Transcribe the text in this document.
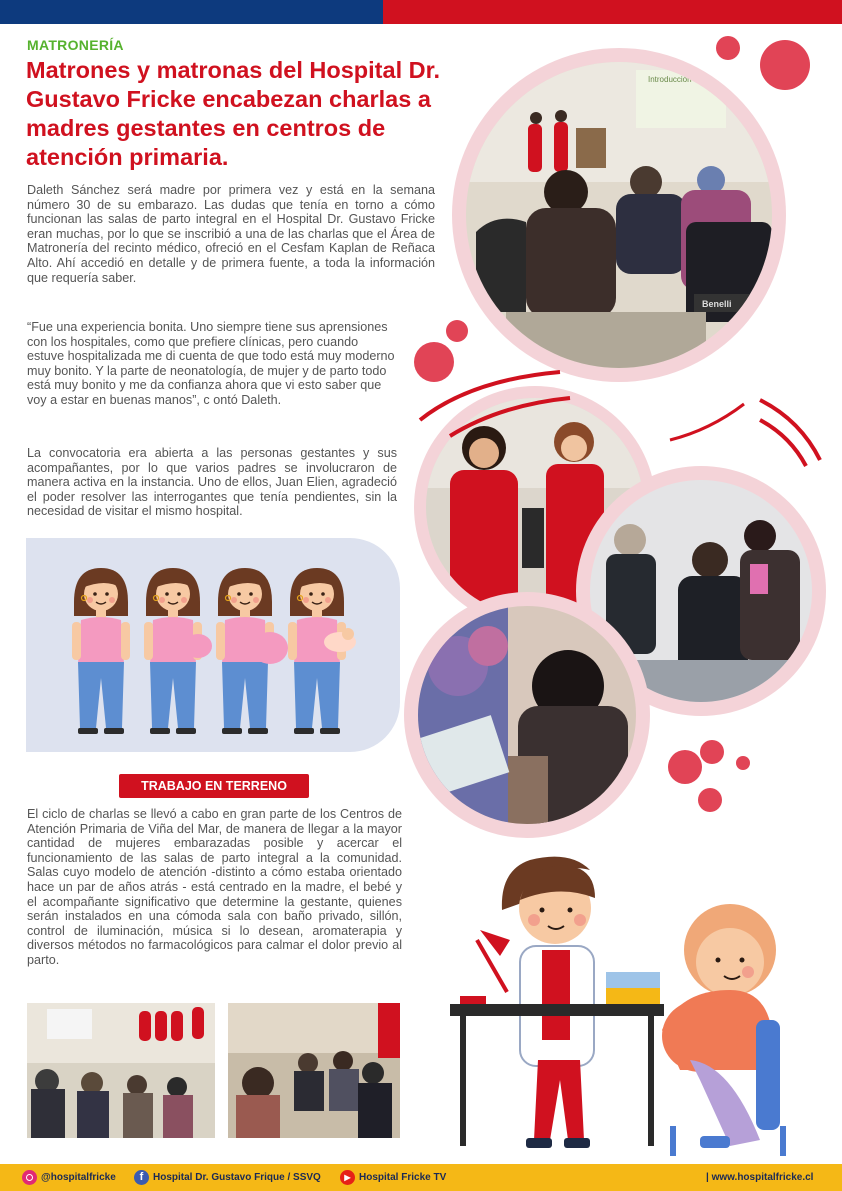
MATRONERÍA
Matrones y matronas del Hospital Dr. Gustavo Fricke encabezan charlas a madres gestantes en centros de atención primaria.

Daleth Sánchez será madre por primera vez y está en la semana número 30 de su embarazo. Las dudas que tenía en torno a cómo funcionan las salas de parto integral en el Hospital Dr. Gustavo Fricke eran muchas, por lo que se inscribió a una de las charlas que el Área de Matronería del recinto médico, ofreció en el Cesfam Kaplan de Reñaca Alto. Ahí accedió en detalle y de primera fuente, a toda la información que requería saber.

“Fue una experiencia bonita. Uno siempre tiene sus aprensiones con los hospitales, como que prefiere clínicas, pero cuando estuve hospitalizada me di cuenta de que todo está muy moderno muy bonito. Y la parte de neonatología, de mujer y de parto todo está muy bonito y me da confianza ahora que vi esto saber que voy a estar en buenas manos”, c ontó Daleth.

La convocatoria era abierta a las personas gestantes y sus acompañantes, por lo que varios padres se involucraron de manera activa en la instancia. Uno de ellos, Juan Elien, agradeció el poder resolver las interrogantes que tenía pendientes, sin la necesidad de visitar el mismo hospital.

TRABAJO EN TERRENO

El ciclo de charlas se llevó a cabo en gran parte de los Centros de Atención Primaria de Viña del Mar, de manera de llegar a la mayor cantidad de mujeres embarazadas posible y acercar el funcionamiento de las salas de parto integral a la comunidad. Salas cuyo modelo de atención -distinto a cómo estaba orientado hace un par de años atrás - está centrado en la madre, el bebé y el acompañante significativo que determine la gestante, quienes serán instalados en una cómoda sala con baño privado, sillón, control de iluminación, música si lo desean, aromaterapia y diversos métodos no farmacológicos para calmar el dolor previo al parto.

Introducción
Benelli
@hospitalfricke	f Hospital Dr. Gustavo Frique / SSVQ	▶ Hospital Fricke TV	| www.hospitalfricke.cl
